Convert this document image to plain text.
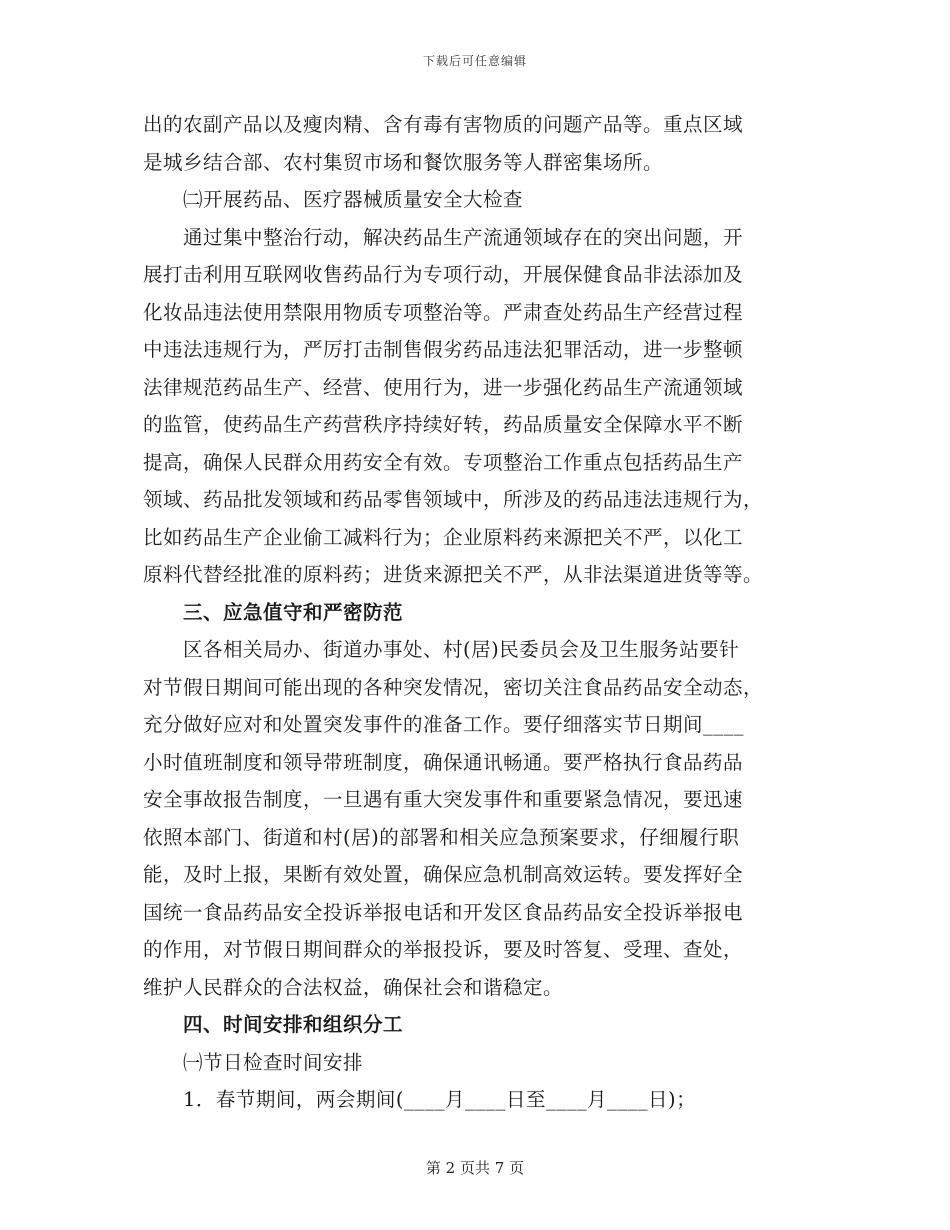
下载后可任意编辑
出的农副产品以及瘦肉精、含有毒有害物质的问题产品等。重点区域
是城乡结合部、农村集贸市场和餐饮服务等人群密集场所。
㈡开展药品、医疗器械质量安全大检查
通过集中整治行动，解决药品生产流通领域存在的突出问题，开
展打击利用互联网收售药品行为专项行动，开展保健食品非法添加及
化妆品违法使用禁限用物质专项整治等。严肃查处药品生产经营过程
中违法违规行为，严厉打击制售假劣药品违法犯罪活动，进一步整顿
法律规范药品生产、经营、使用行为，进一步强化药品生产流通领域
的监管，使药品生产药营秩序持续好转，药品质量安全保障水平不断
提高，确保人民群众用药安全有效。专项整治工作重点包括药品生产
领域、药品批发领域和药品零售领域中，所涉及的药品违法违规行为，
比如药品生产企业偷工减料行为；企业原料药来源把关不严，以化工
原料代替经批准的原料药；进货来源把关不严，从非法渠道进货等等。
三、应急值守和严密防范
区各相关局办、街道办事处、村(居)民委员会及卫生服务站要针
对节假日期间可能出现的各种突发情况，密切关注食品药品安全动态，
充分做好应对和处置突发事件的准备工作。要仔细落实节日期间____
小时值班制度和领导带班制度，确保通讯畅通。要严格执行食品药品
安全事故报告制度，一旦遇有重大突发事件和重要紧急情况，要迅速
依照本部门、街道和村(居)的部署和相关应急预案要求，仔细履行职
能，及时上报，果断有效处置，确保应急机制高效运转。要发挥好全
国统一食品药品安全投诉举报电话和开发区食品药品安全投诉举报电
的作用，对节假日期间群众的举报投诉，要及时答复、受理、查处，
维护人民群众的合法权益，确保社会和谐稳定。
四、时间安排和组织分工
㈠节日检查时间安排
1．春节期间，两会期间(____月____日至____月____日)；
第 2 页共 7 页
